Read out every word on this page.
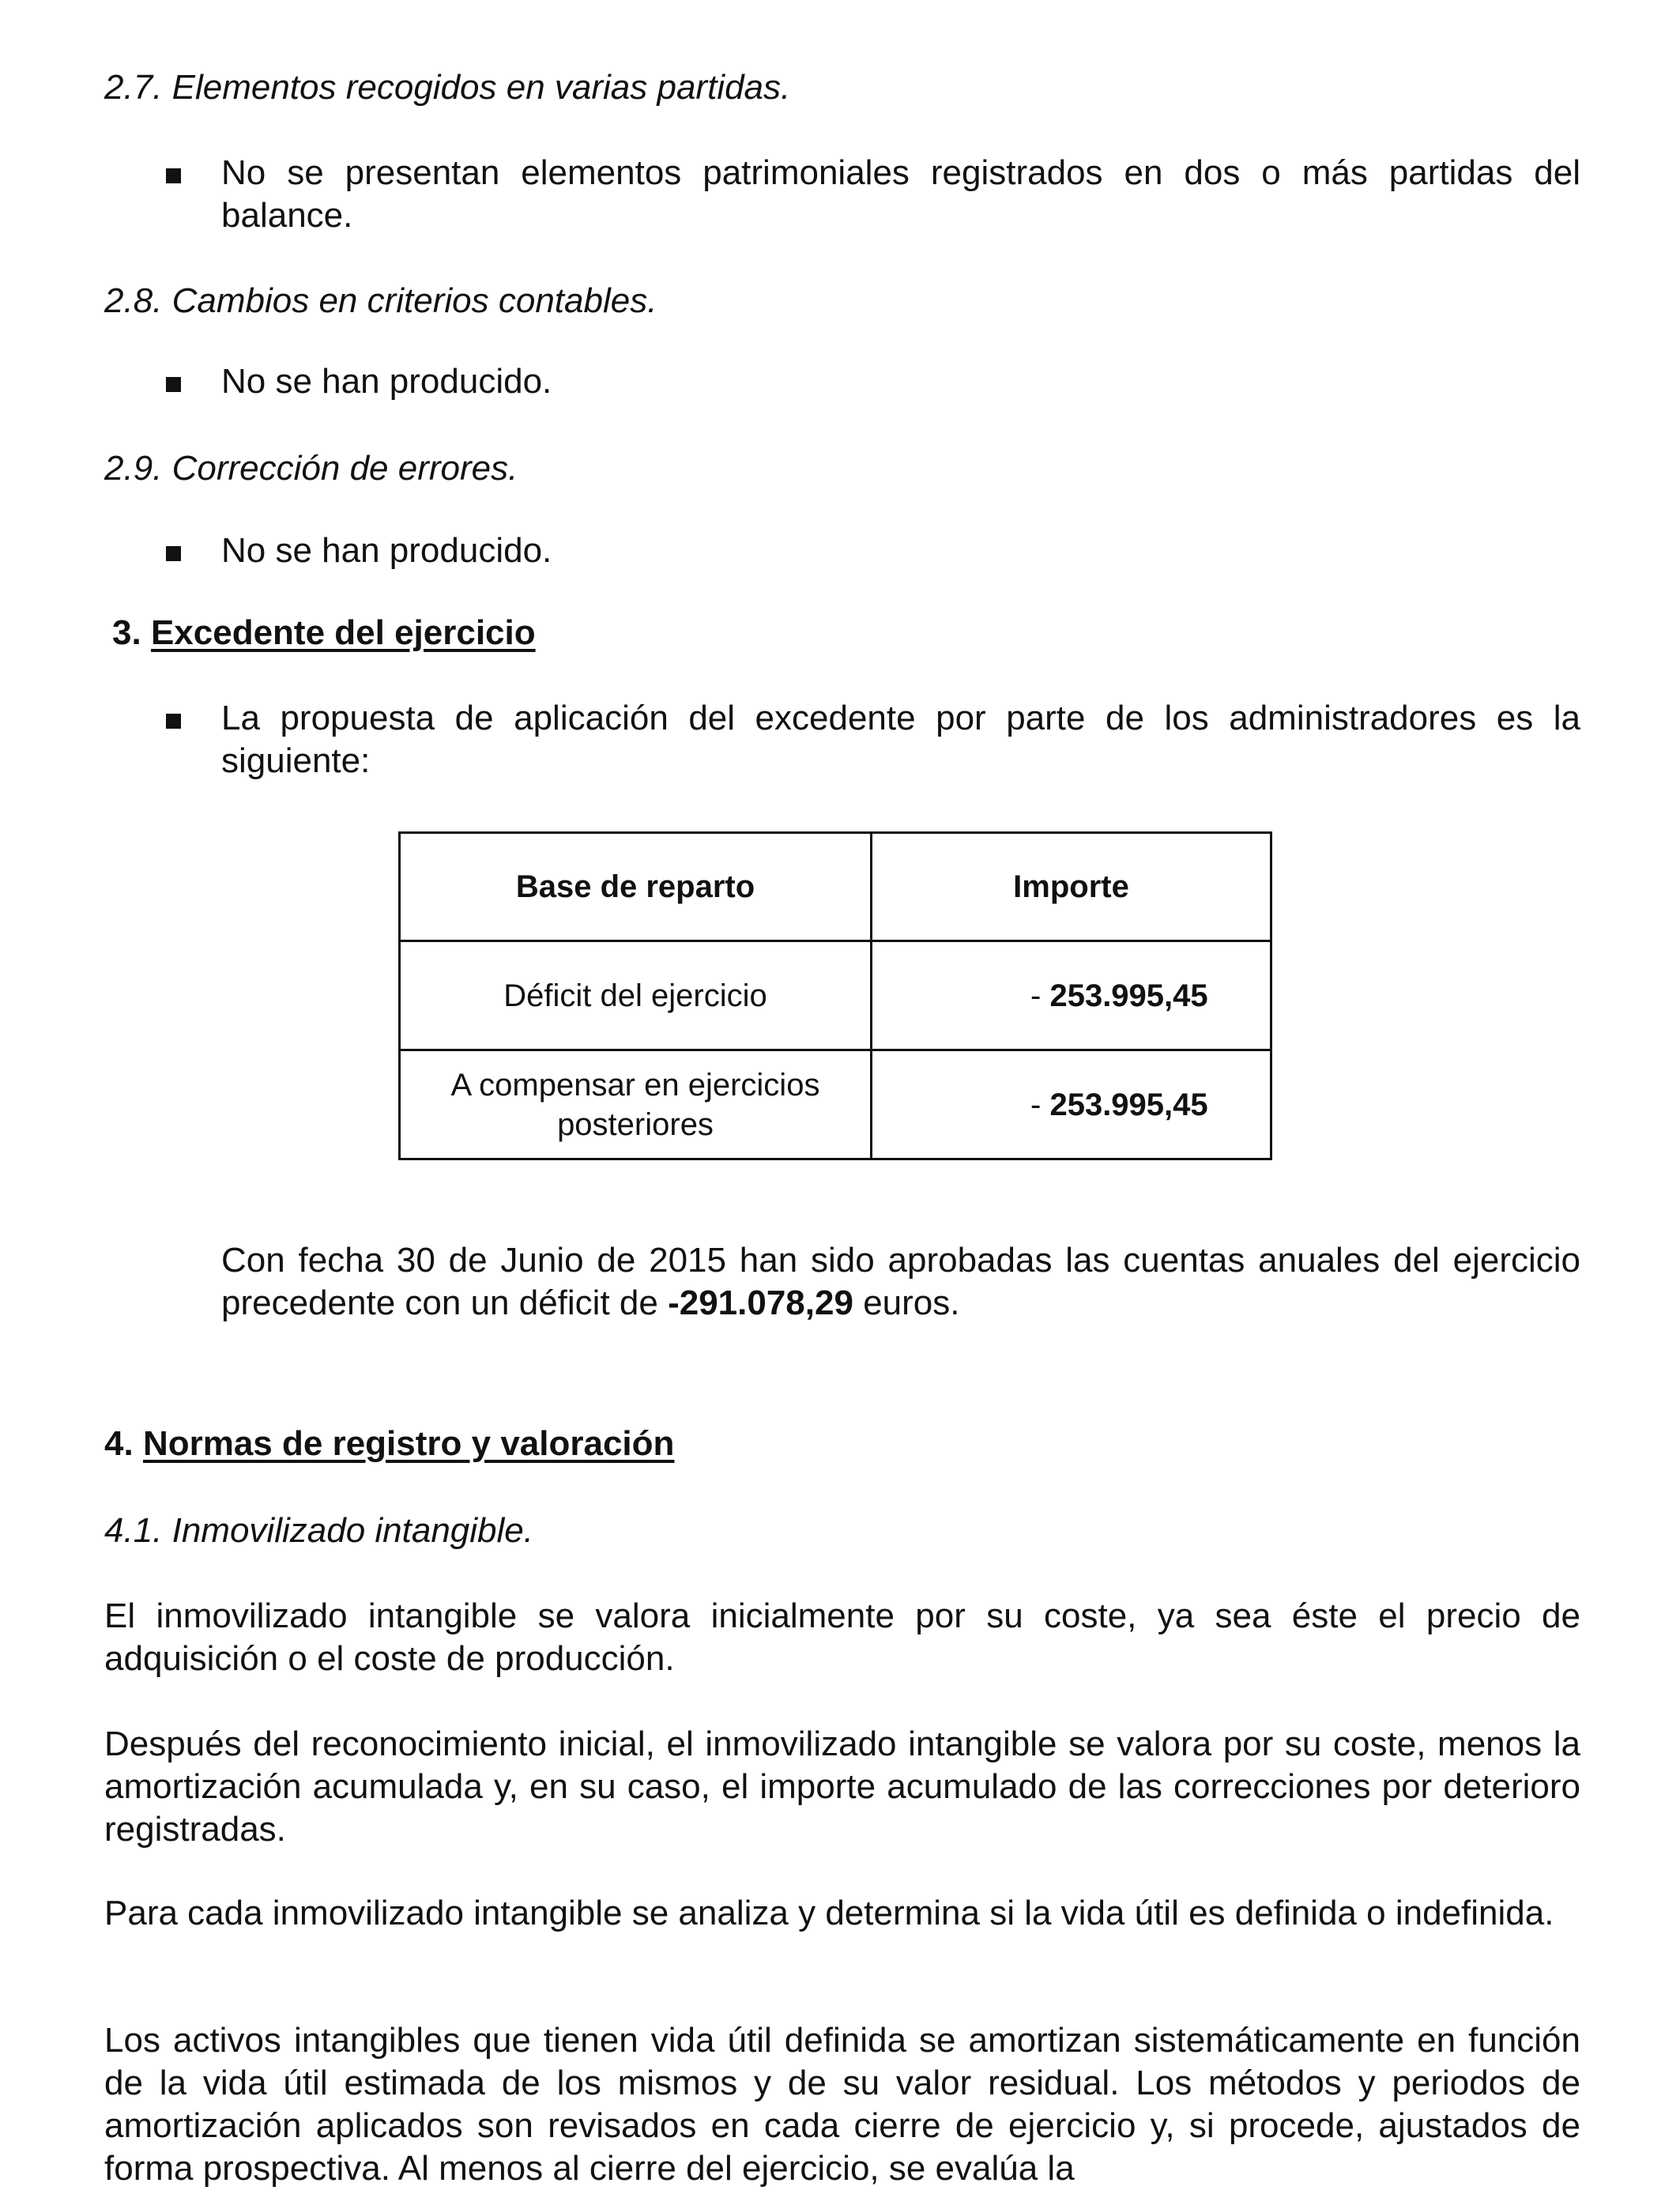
2.7. Elementos recogidos en varias partidas.
No se presentan elementos patrimoniales registrados en dos o más partidas del balance.
2.8. Cambios en criterios contables.
No se han producido.
2.9. Corrección de errores.
No se han producido.
3. Excedente del ejercicio
La propuesta de aplicación del excedente por parte de los administradores es la siguiente:
Base de reparto	Importe
Déficit del ejercicio	- 253.995,45
A compensar en ejercicios posteriores	- 253.995,45
Con fecha 30 de Junio de 2015 han sido aprobadas las cuentas anuales del ejercicio precedente con un déficit de -291.078,29 euros.
4. Normas de registro y valoración
4.1. Inmovilizado intangible.
El inmovilizado intangible se valora inicialmente por su coste, ya sea éste el precio de adquisición o el coste de producción.
Después del reconocimiento inicial, el inmovilizado intangible se valora por su coste, menos la amortización acumulada y, en su caso, el importe acumulado de las correcciones por deterioro registradas.
Para cada inmovilizado intangible se analiza y determina si la vida útil es definida o indefinida.
Los activos intangibles que tienen vida útil definida se amortizan sistemáticamente en función de la vida útil estimada de los mismos y de su valor residual. Los métodos y periodos de amortización aplicados son revisados en cada cierre de ejercicio y, si procede, ajustados de forma prospectiva. Al menos al cierre del ejercicio, se evalúa la
